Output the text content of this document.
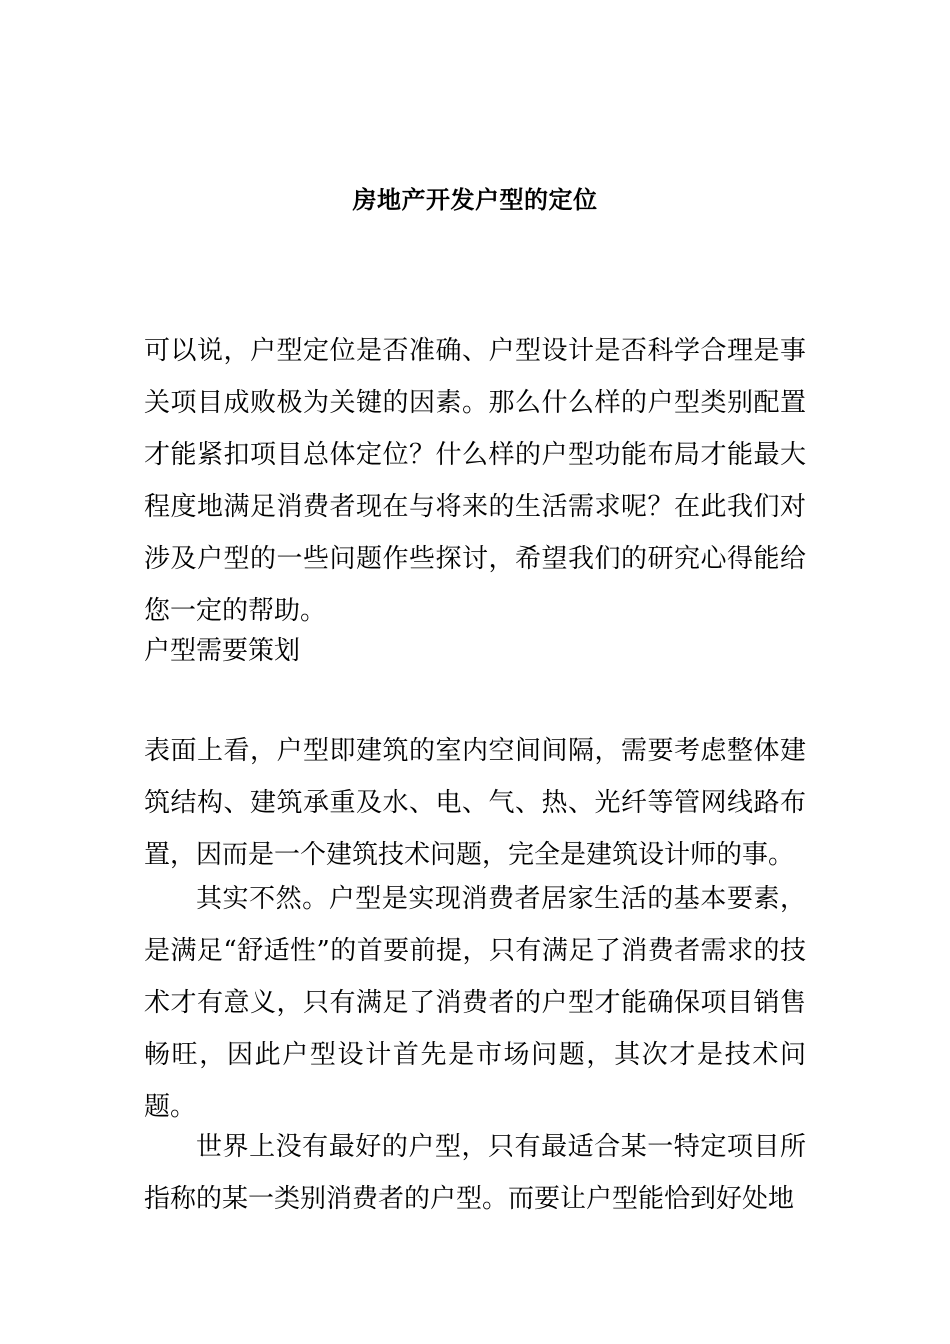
房地产开发户型的定位

可以说，户型定位是否准确、户型设计是否科学合理是事关项目成败极为关键的因素。那么什么样的户型类别配置才能紧扣项目总体定位？什么样的户型功能布局才能最大程度地满足消费者现在与将来的生活需求呢？在此我们对涉及户型的一些问题作些探讨，希望我们的研究心得能给您一定的帮助。

户型需要策划

表面上看，户型即建筑的室内空间间隔，需要考虑整体建筑结构、建筑承重及水、电、气、热、光纤等管网线路布置，因而是一个建筑技术问题，完全是建筑设计师的事。

其实不然。户型是实现消费者居家生活的基本要素，是满足“舒适性”的首要前提，只有满足了消费者需求的技术才有意义，只有满足了消费者的户型才能确保项目销售畅旺，因此户型设计首先是市场问题，其次才是技术问题。

世界上没有最好的户型，只有最适合某一特定项目所指称的某一类别消费者的户型。而要让户型能恰到好处地
